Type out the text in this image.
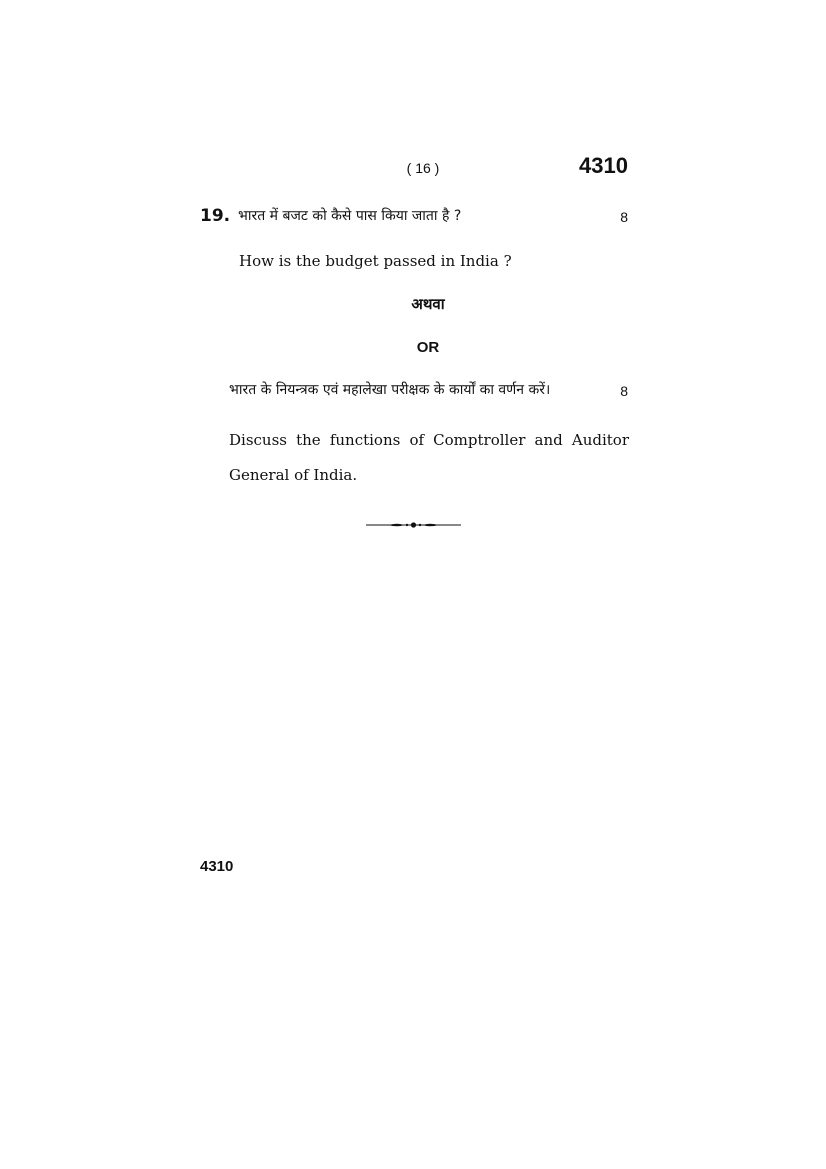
( 16 )	4310
19. भारत में बजट को कैसे पास किया जाता है ?	8
How is the budget passed in India ?
अथवा
OR
भारत के नियन्त्रक एवं महालेखा परीक्षक के कार्यों का वर्णन करें।	8
Discuss the functions of Comptroller and Auditor General of India.
4310
